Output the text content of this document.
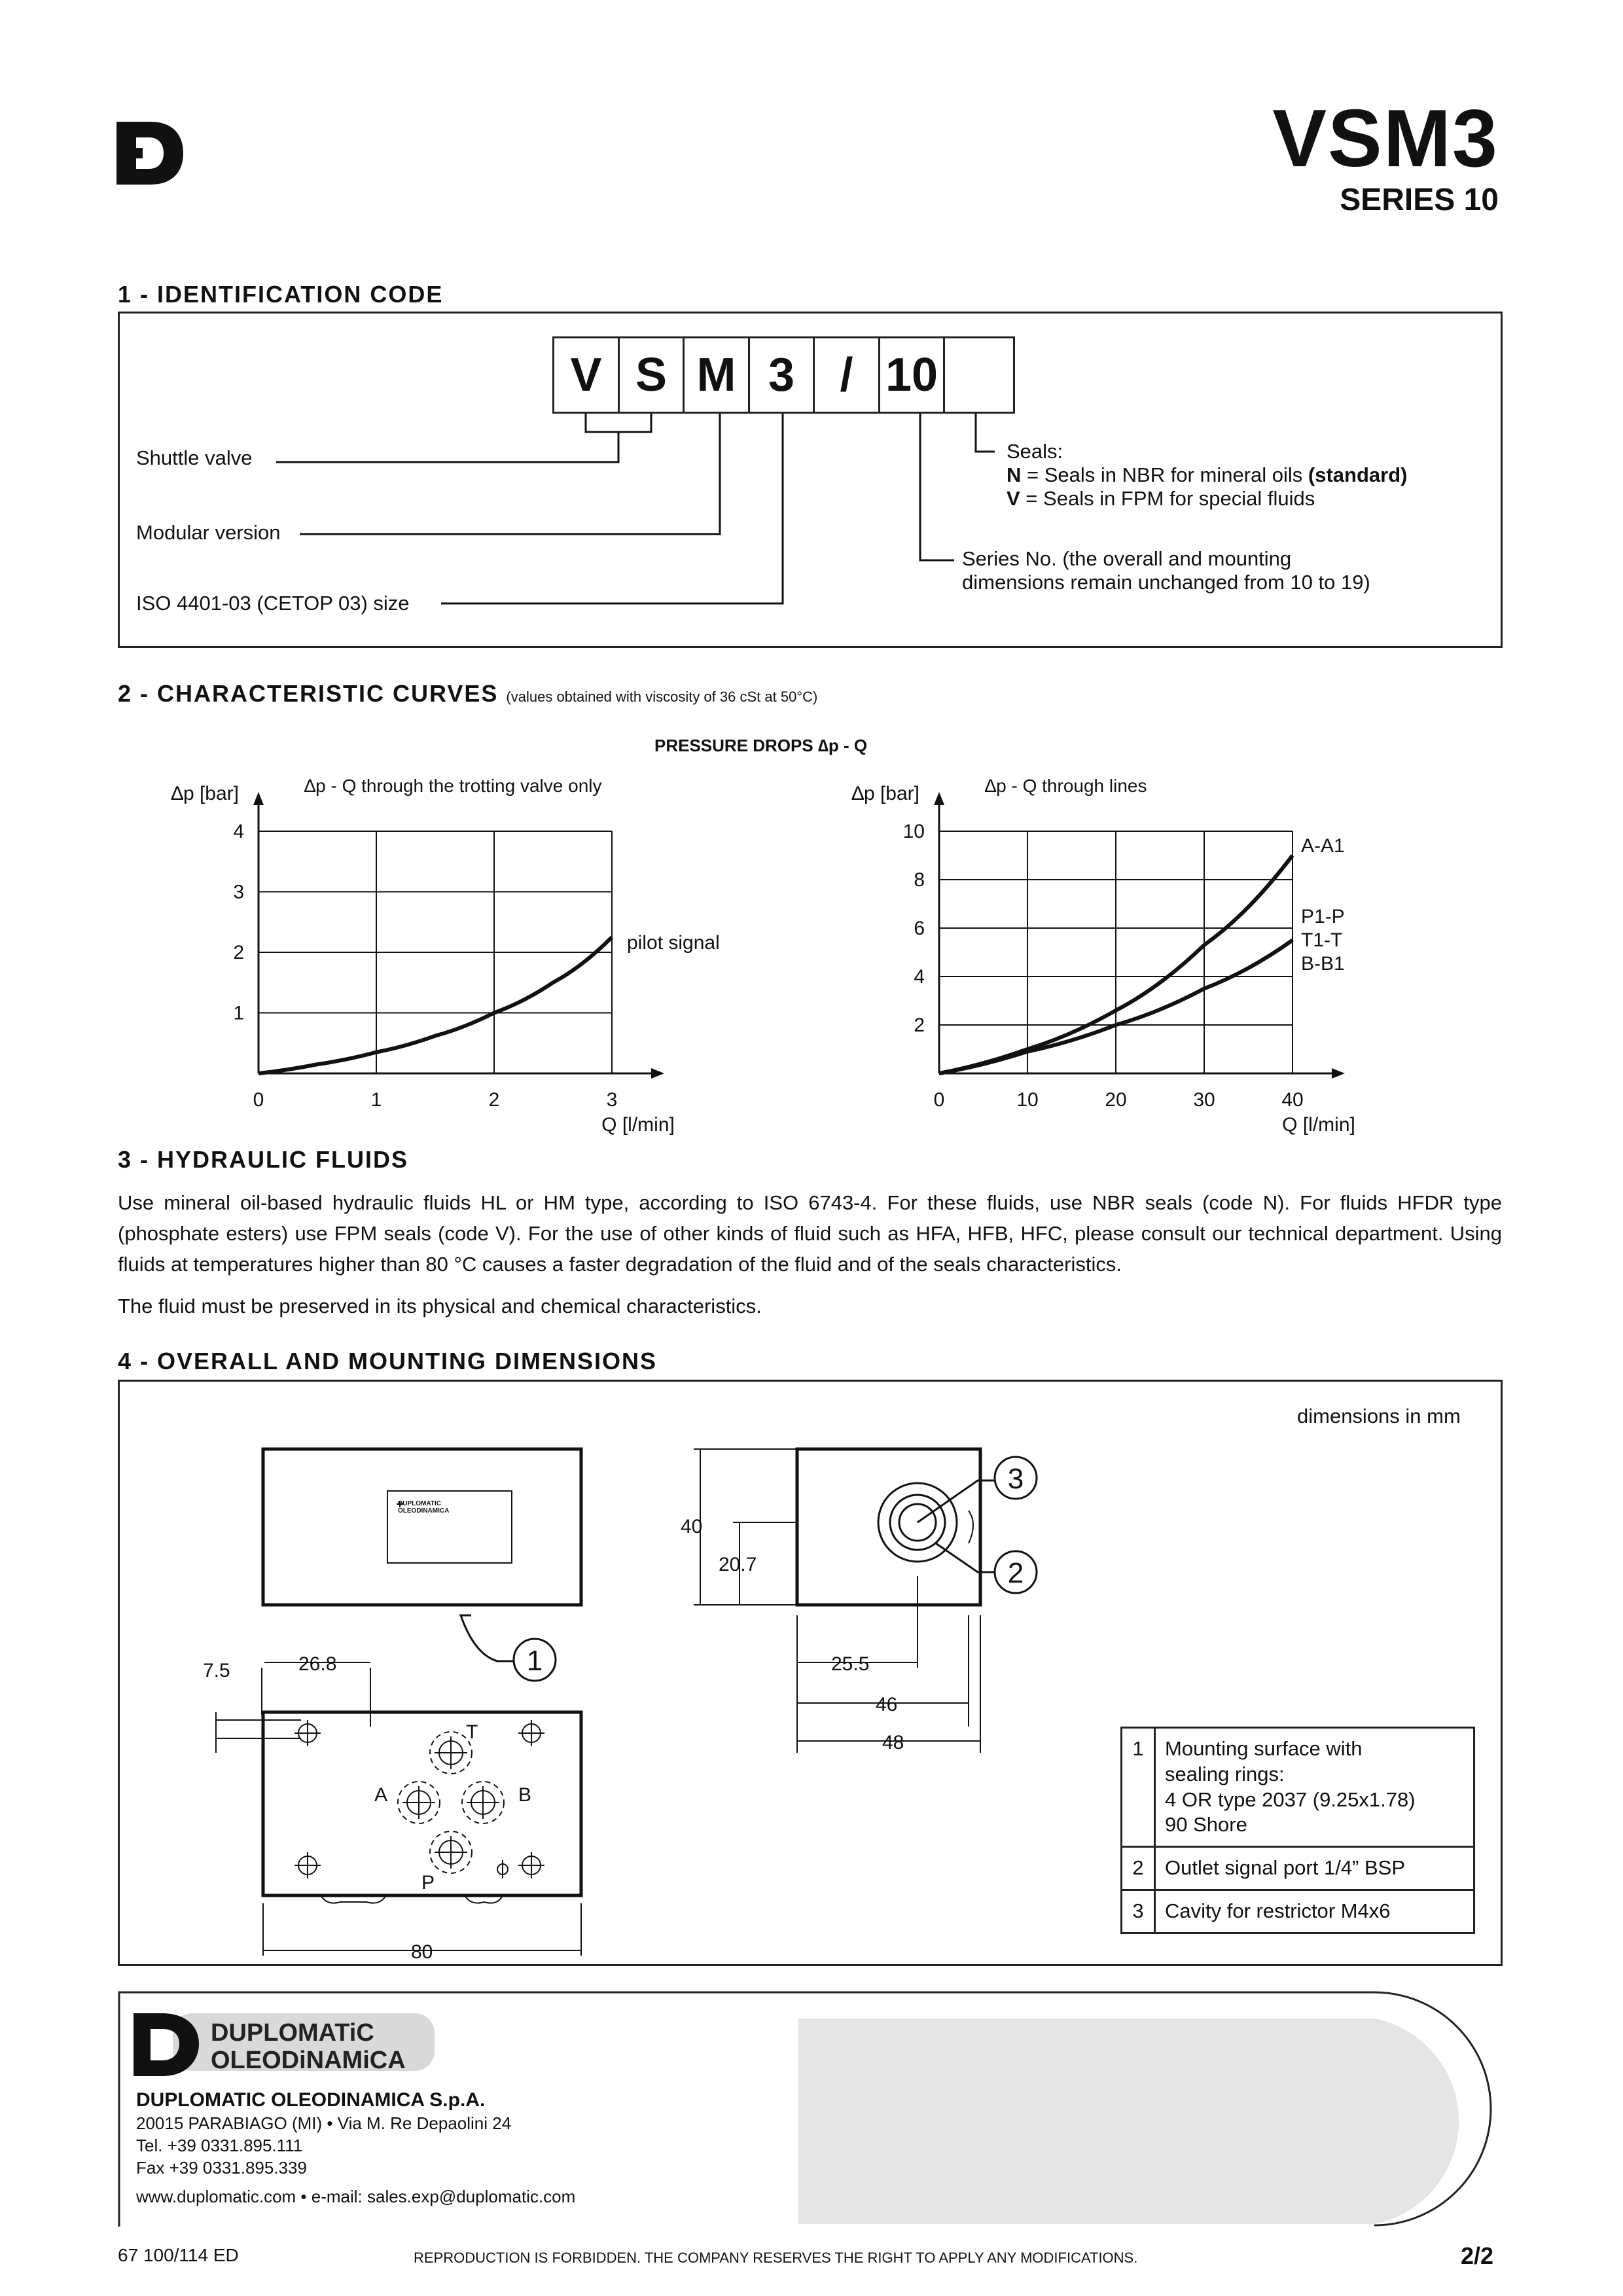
VSM3
SERIES 10
1 - IDENTIFICATION CODE
V S M 3 / 10
Shuttle valve
Modular version
ISO 4401-03 (CETOP 03) size
Seals:
N = Seals in NBR for mineral oils (standard)
V = Seals in FPM for special fluids
Series No. (the overall and mounting
dimensions remain unchanged from 10 to 19)
2 - CHARACTERISTIC CURVES (values obtained with viscosity of 36 cSt at 50°C)
PRESSURE DROPS ∆p - Q
0	1	2	3
1
2
3
4
Q [l/min]
∆p [bar]	∆p - Q through the trotting valve only
pilot signal
0	10	20	30	40
2
4
6
8
10
Q [l/min]
∆p [bar]	∆p - Q through lines
A-A1
P1-P
T1-T
B-B1
3 - HYDRAULIC FLUIDS
Use mineral oil-based hydraulic fluids HL or HM type, according to ISO 6743-4. For these fluids, use NBR seals (code N). For fluids HFDR type (phosphate esters) use FPM seals (code V). For the use of other kinds of fluid such as HFA, HFB, HFC, please consult our technical department. Using fluids at temperatures higher than 80 °C causes a faster degradation of the fluid and of the seals characteristics.
The fluid must be preserved in its physical and chemical characteristics.
4 - OVERALL AND MOUNTING DIMENSIONS
dimensions in mm
40
20.7
7.5	26.8	25.5
46
48
80
T
A	B
P
1
3
2
DUPLOMATIC OLEODINAMICA
1	Mounting surface with
sealing rings:
4 OR type 2037 (9.25x1.78)
90 Shore

2	Outlet signal port 1/4” BSP
3	Cavity for restrictor M4x6
DUPLOMATiC
OLEODiNAMiCA
DUPLOMATIC OLEODINAMICA S.p.A.
20015 PARABIAGO (MI) • Via M. Re Depaolini 24
Tel. +39 0331.895.111
Fax +39 0331.895.339
www.duplomatic.com • e-mail: sales.exp@duplomatic.com
67 100/114 ED	REPRODUCTION IS FORBIDDEN. THE COMPANY RESERVES THE RIGHT TO APPLY ANY MODIFICATIONS.	2/2
